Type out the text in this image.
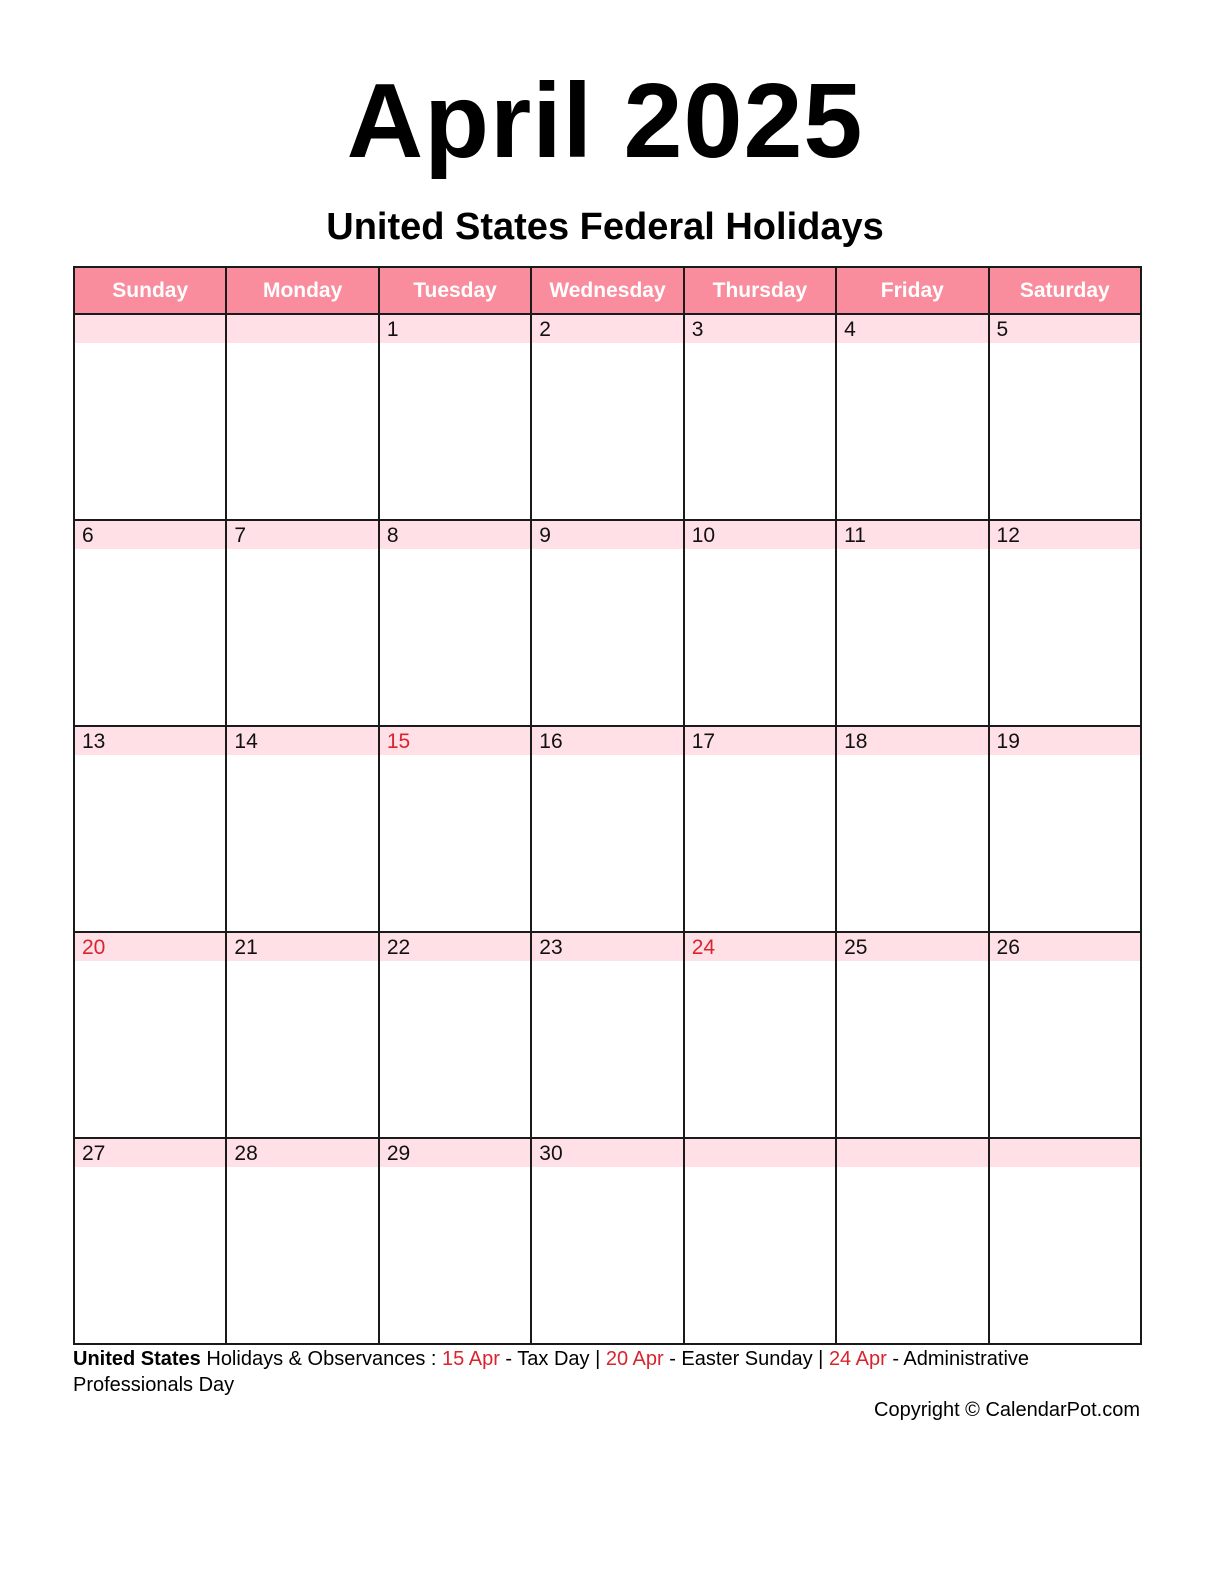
April 2025
United States Federal Holidays
Sunday	Monday	Tuesday	Wednesday	Thursday	Friday	Saturday

		1	2	3	4	5

6	7	8	9	10	11	12

13	14	15	16	17	18	19

20	21	22	23	24	25	26

27	28	29	30			

United States Holidays & Observances : 15 Apr - Tax Day | 20 Apr - Easter Sunday | 24 Apr - Administrative Professionals Day
Copyright © CalendarPot.com
